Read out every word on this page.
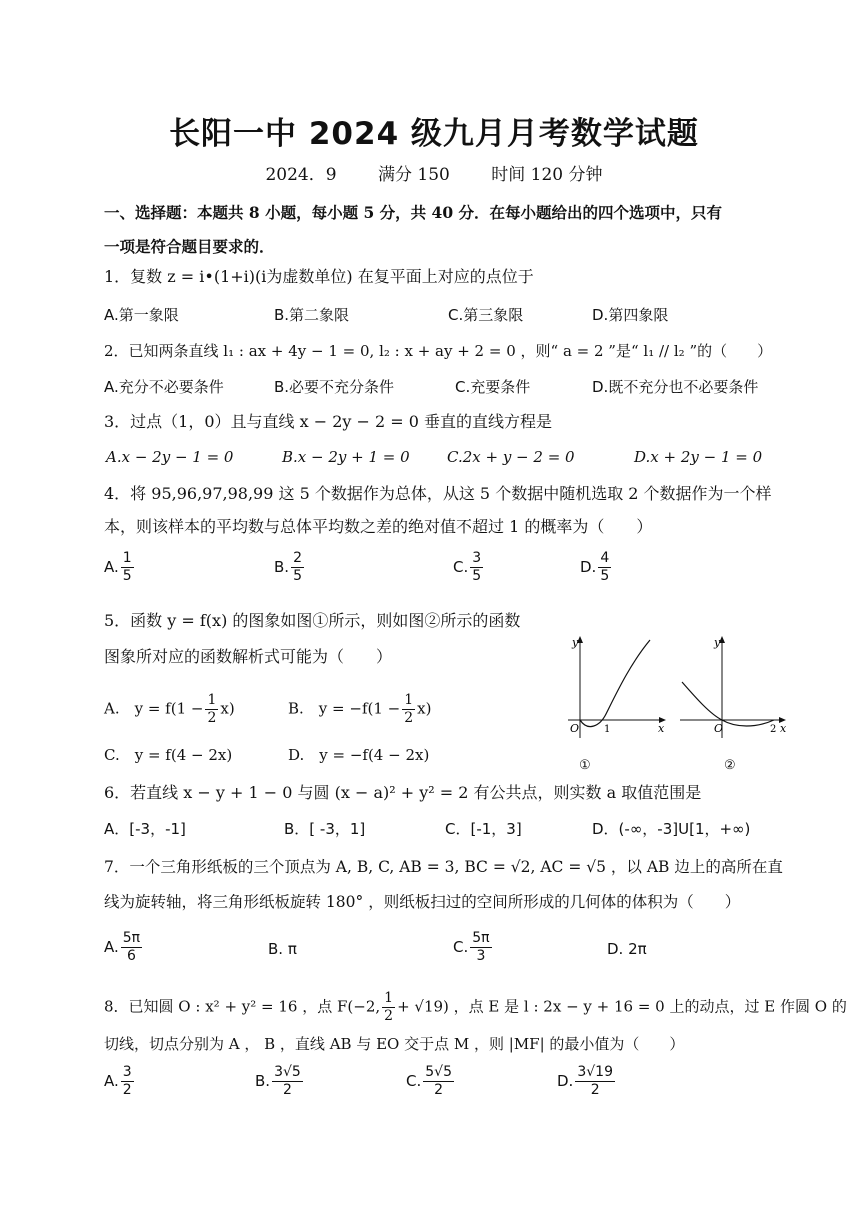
长阳一中 2024 级九月月考数学试题
2024．9 满分 150 时间 120 分钟
一、选择题：本题共 8 小题，每小题 5 分，共 40 分．在每小题给出的四个选项中，只有
一项是符合题目要求的．
1．复数 z = i•(1+i)(i为虚数单位) 在复平面上对应的点位于
A.第一象限	B.第二象限	C.第三象限	D.第四象限
2．已知两条直线 l₁ : ax + 4y − 1 = 0, l₂ : x + ay + 2 = 0 ，则“ a = 2 ”是“ l₁ // l₂ ”的（　　）
A.充分不必要条件	B.必要不充分条件	C.充要条件	D.既不充分也不必要条件
3．过点（1，0）且与直线 x − 2y − 2 = 0 垂直的直线方程是
A.x − 2y − 1 = 0	B.x − 2y + 1 = 0 C.2x + y − 2 = 0	D.x + 2y − 1 = 0
4．将 95,96,97,98,99 这 5 个数据作为总体，从这 5 个数据中随机选取 2 个数据作为一个样
本，则该样本的平均数与总体平均数之差的绝对值不超过 1 的概率为（　　）
A. $\frac{1}{5}$	B. $\frac{2}{5}$	C. $\frac{3}{5}$	D. $\frac{4}{5}$
5．函数 y = f(x) 的图象如图①所示，则如图②所示的函数
图象所对应的函数解析式可能为（　　）
A.　$y = f(1 - \frac{1}{2} x)$	B.　$y = -f(1 - \frac{1}{2} x)$
C.　y = f(4 − 2x)	D.　y = −f(4 − 2x)
y
x
O 1
①
y
x
O	2
②
6．若直线 x − y + 1 − 0 与圆 (x − a)² + y² = 2 有公共点，则实数 a 取值范围是
A．[-3，-1]	B．[ -3，1]	C．[-1，3]	D．(-∞，-3]U[1，+∞)
7．一个三角形纸板的三个顶点为 A, B, C, AB = 3, BC = √2, AC = √5 ，以 AB 边上的高所在直
线为旋转轴，将三角形纸板旋转 180° ，则纸板扫过的空间所形成的几何体的体积为（　　）
A. $\frac{5\pi}{6}$	B. π	C. $\frac{5\pi}{3}$	D. 2π
8．已知圆 O : x² + y² = 16 ，点 F(−2, $\frac{1}{2} + √19$) ，点 E 是 l : 2x − y + 16 = 0 上的动点，过 E 作圆 O 的
切线，切点分别为 A ， B ，直线 AB 与 EO 交于点 M ，则 |MF| 的最小值为（　　）
A. $\frac{3}{2}$	B. $\frac{3√5}{2}$	C. $\frac{5√5}{2}$	D. $\frac{3√19}{2}$
